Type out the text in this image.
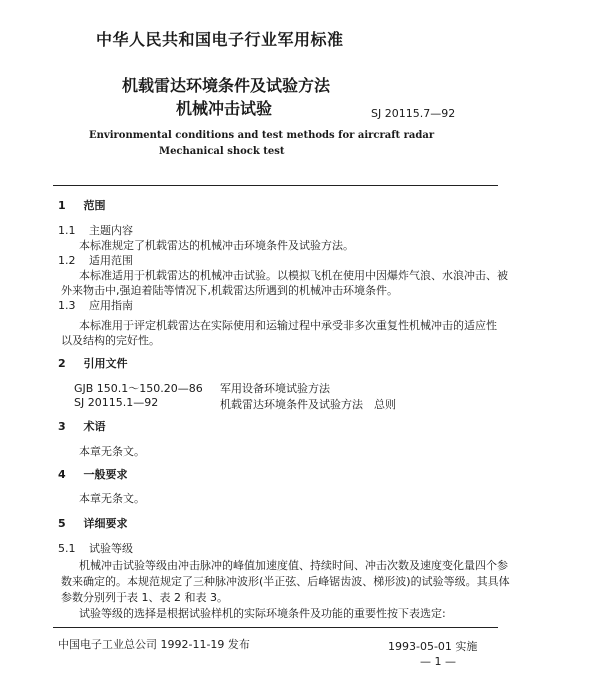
中华人民共和国电子行业军用标准
机载雷达环境条件及试验方法
机械冲击试验	SJ 20115.7—92
Environmental conditions and test methods for aircraft radar
Mechanical shock test
1 范围
1.1 主题内容
本标准规定了机载雷达的机械冲击环境条件及试验方法。
1.2 适用范围
本标准适用于机载雷达的机械冲击试验。以模拟飞机在使用中因爆炸气浪、水浪冲击、被
外来物击中,强迫着陆等情况下,机载雷达所遇到的机械冲击环境条件。
1.3 应用指南
本标准用于评定机载雷达在实际使用和运输过程中承受非多次重复性机械冲击的适应性
以及结构的完好性。
2 引用文件
GJB 150.1～150.20—86 军用设备环境试验方法
SJ 20115.1—92	机载雷达环境条件及试验方法　总则
3 术语
本章无条文。
4 一般要求
本章无条文。
5 详细要求
5.1 试验等级
机械冲击试验等级由冲击脉冲的峰值加速度值、持续时间、冲击次数及速度变化量四个参
数来确定的。本规范规定了三种脉冲波形(半正弦、后峰锯齿波、梯形波)的试验等级。其具体
参数分别列于表 1、表 2 和表 3。
试验等级的选择是根据试验样机的实际环境条件及功能的重要性按下表选定:
中国电子工业总公司 1992-11-19 发布	1993-05-01 实施
— 1 —
